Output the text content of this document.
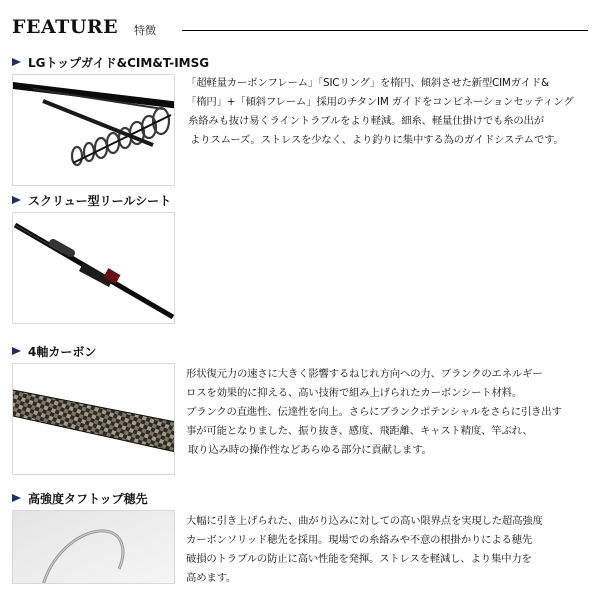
FEATURE 特徴
LGトップガイド&CIM&T-IMSG

「超軽量カーボンフレーム」「SICリング」を楕円、傾斜させた新型CIMガイド&

「楕円」+「傾斜フレーム」採用のチタンIM ガイドをコンビネーションセッティング

糸絡みも抜け易くライントラブルをより軽減。細糸、軽量仕掛けでも糸の出が

よりスムーズ。ストレスを少なく、より釣りに集中する為のガイドシステムです。

スクリュー型リールシート
4軸カーボン

形状復元力の速さに大きく影響するねじれ方向への力、ブランクのエネルギー

ロスを効果的に抑える、高い技術で組み上げられたカーボンシート材料。

ブランクの直進性、伝達性を向上。さらにブランクポテンシャルをさらに引き出す

事が可能となりました、振り抜き、感度、飛距離、キャスト精度、竿ぶれ、

取り込み時の操作性などあらゆる部分に貢献します。

高強度タフトップ穂先

大幅に引き上げられた、曲がり込みに対しての高い限界点を実現した超高強度

カーボンソリッド穂先を採用。現場での糸絡みや不意の根掛かりによる穂先

破損のトラブルの防止に高い性能を発揮。ストレスを軽減し、より集中力を

高めます。
